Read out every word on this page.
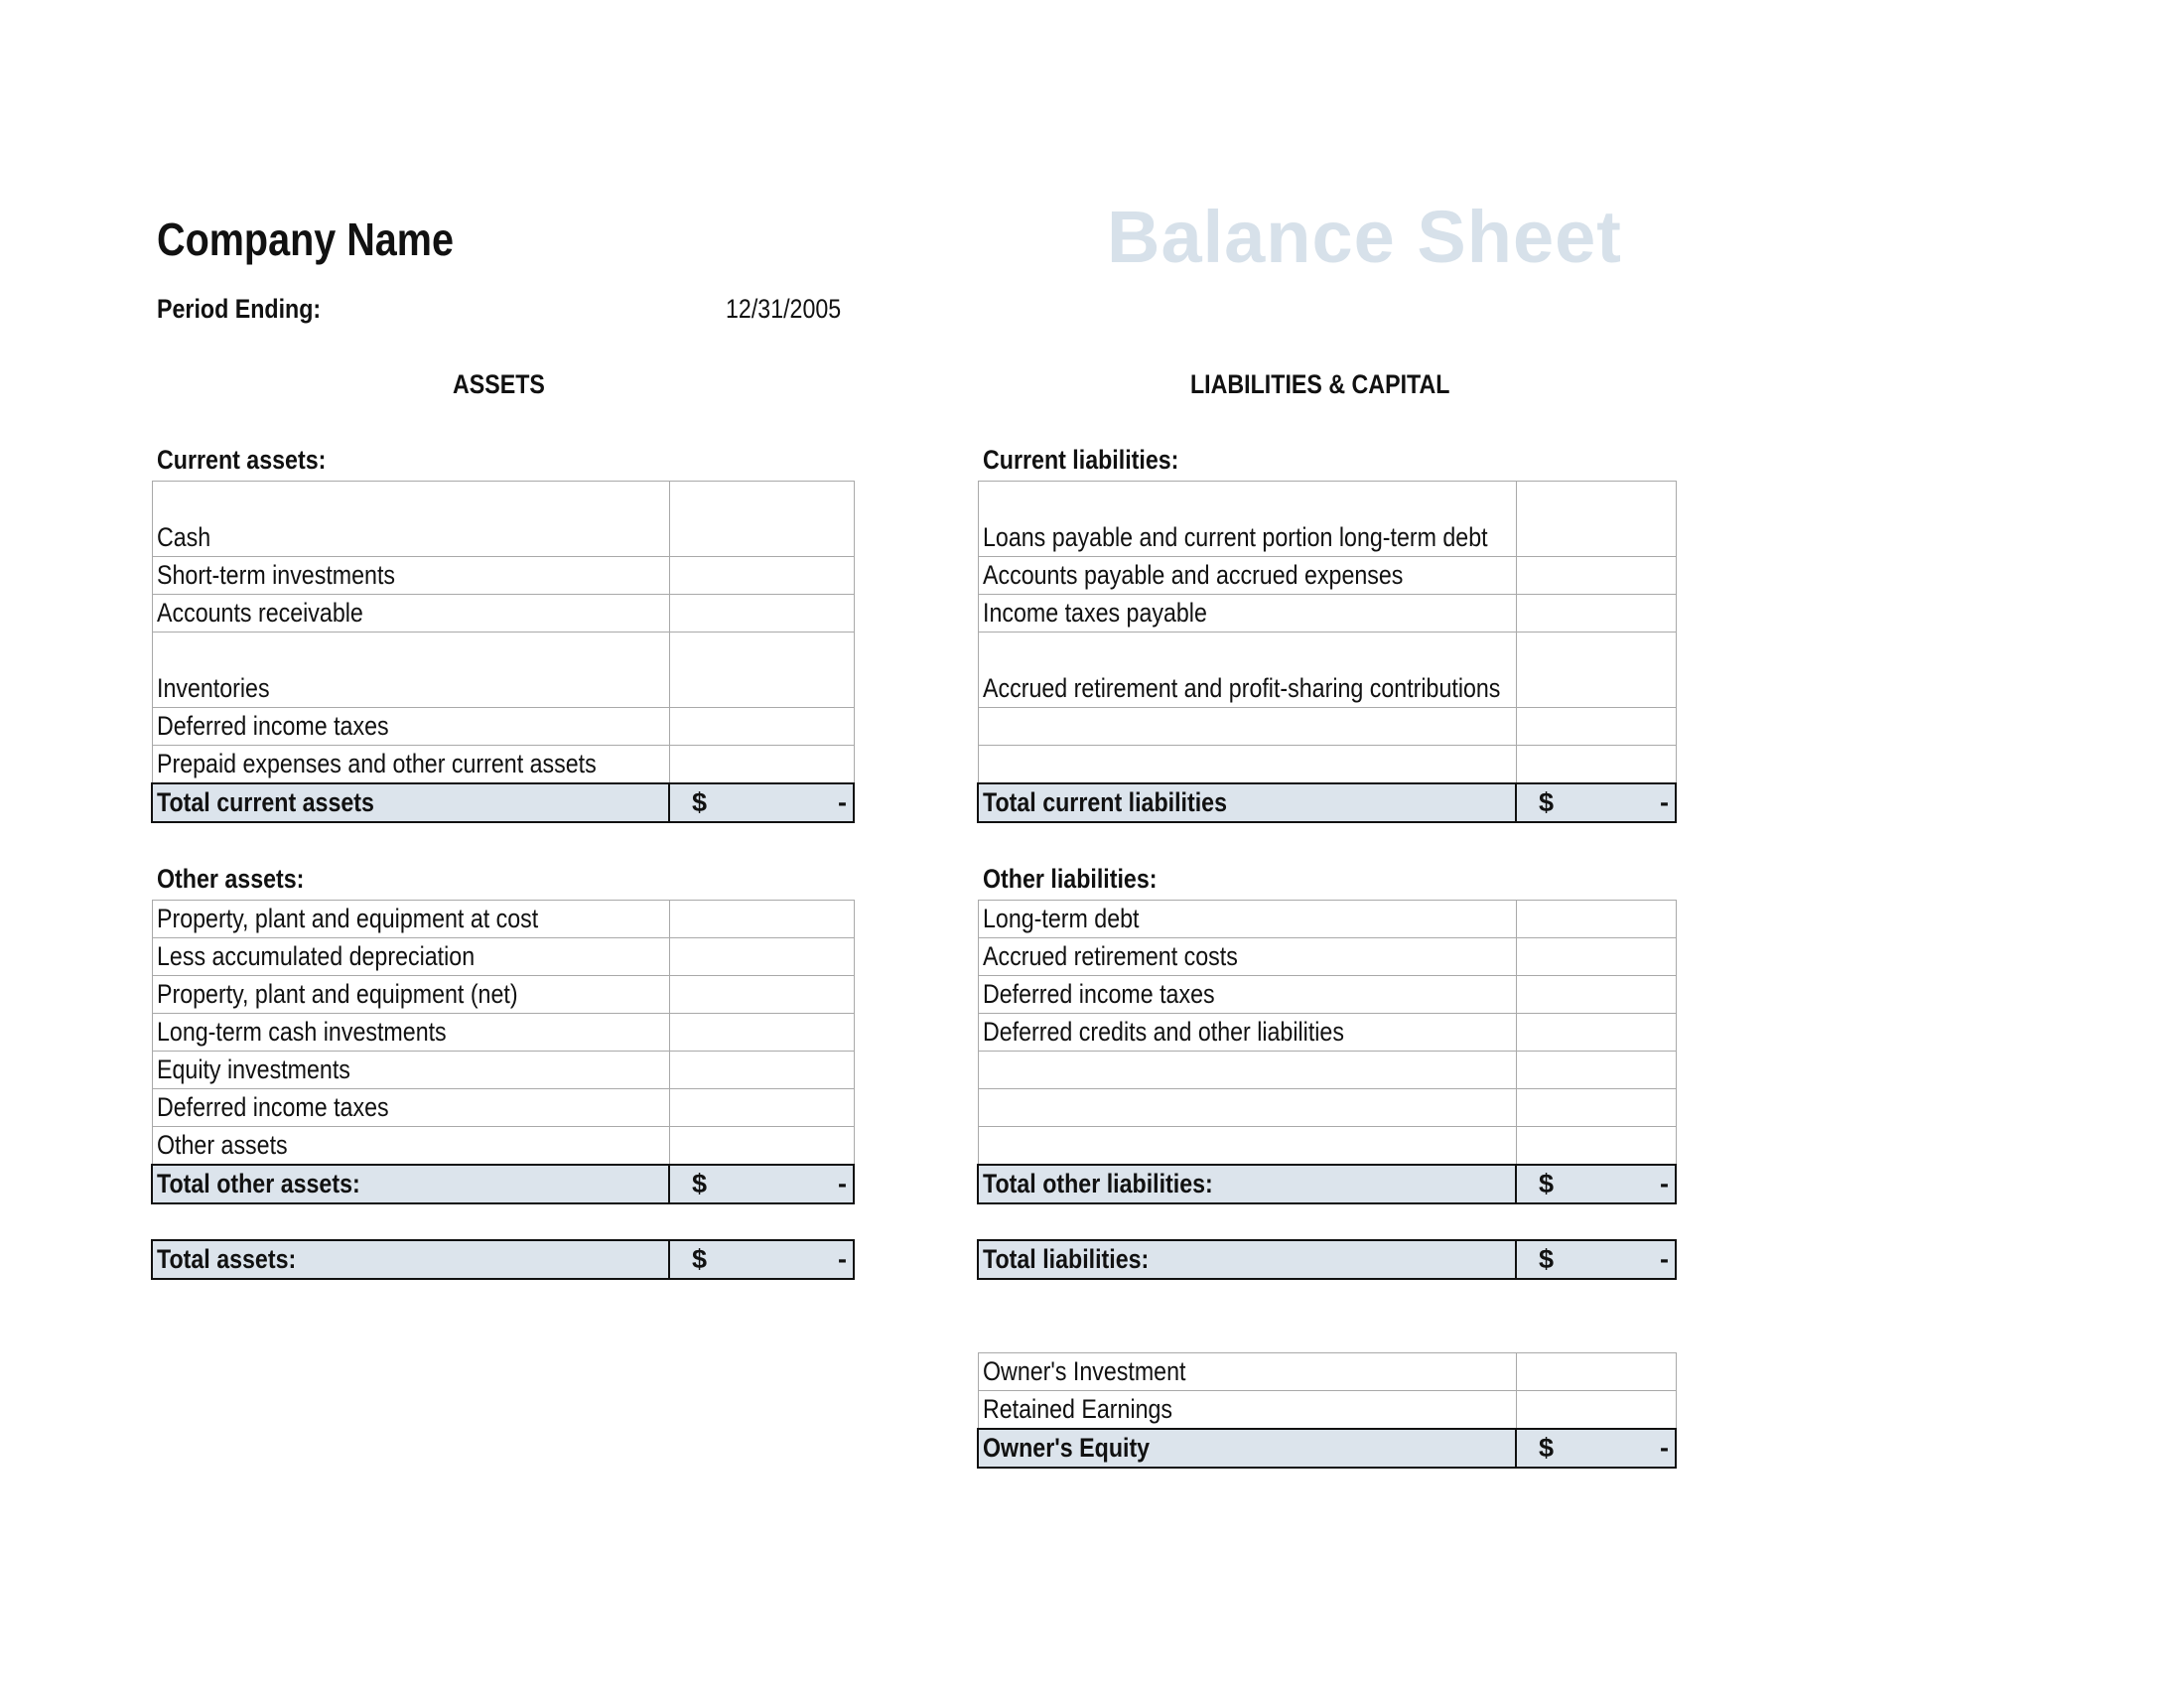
Company Name	Balance Sheet
Period Ending:	12/31/2005
ASSETS	LIABILITIES & CAPITAL
Current assets:
Cash	
Short-term investments	
Accounts receivable	
Inventories	
Deferred income taxes	
Prepaid expenses and other current assets	
Total current assets	$ -
Current liabilities:
Loans payable and current portion long-term debt	
Accounts payable and accrued expenses	
Income taxes payable	
Accrued retirement and profit-sharing contributions	

Total current liabilities	$ -
Other assets:
Property, plant and equipment at cost	
Less accumulated depreciation	
Property, plant and equipment (net)	
Long-term cash investments	
Equity investments	
Deferred income taxes	
Other assets	
Total other assets:	$ -
Other liabilities:
Long-term debt	
Accrued retirement costs	
Deferred income taxes	
Deferred credits and other liabilities	

Total other liabilities:	$ -
Total assets:	$	-	Total liabilities:	$	-
Owner's Investment	
Retained Earnings	
Owner's Equity	$ -
